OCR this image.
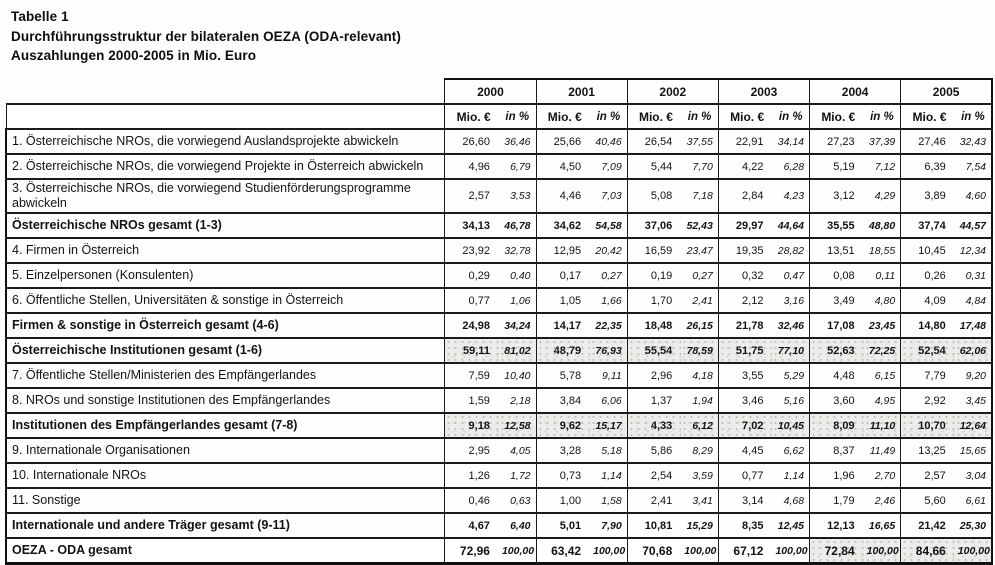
Tabelle 1
Durchführungsstruktur der bilateralen OEZA (ODA-relevant)
Auszahlungen 2000-2005 in Mio. Euro
	2000		2001		2002		2003		2004		2005	
	Mio. €	in %	Mio. €	in %	Mio. €	in %	Mio. €	in %	Mio. €	in %	Mio. €	in %
1. Österreichische NROs, die vorwiegend Auslandsprojekte abwickeln	26,60	36,46	25,66	40,46	26,54	37,55	22,91	34,14	27,23	37,39	27,46	32,43
2. Österreichische NROs, die vorwiegend Projekte in Österreich abwickeln	4,96	6,79	4,50	7,09	5,44	7,70	4,22	6,28	5,19	7,12	6,39	7,54
3. Österreichische NROs, die vorwiegend Studienförderungsprogramme abwickeln	2,57	3,53	4,46	7,03	5,08	7,18	2,84	4,23	3,12	4,29	3,89	4,60
Österreichische NROs gesamt (1-3)	34,13	46,78	34,62	54,58	37,06	52,43	29,97	44,64	35,55	48,80	37,74	44,57
4. Firmen in Österreich	23,92	32,78	12,95	20,42	16,59	23,47	19,35	28,82	13,51	18,55	10,45	12,34
5. Einzelpersonen (Konsulenten)	0,29	0,40	0,17	0,27	0,19	0,27	0,32	0,47	0,08	0,11	0,26	0,31
6. Öffentliche Stellen, Universitäten & sonstige in Österreich	0,77	1,06	1,05	1,66	1,70	2,41	2,12	3,16	3,49	4,80	4,09	4,84
Firmen & sonstige in Österreich gesamt (4-6)	24,98	34,24	14,17	22,35	18,48	26,15	21,78	32,46	17,08	23,45	14,80	17,48
Österreichische Institutionen gesamt (1-6)	59,11	81,02	48,79	76,93	55,54	78,59	51,75	77,10	52,63	72,25	52,54	62,06
7. Öffentliche Stellen/Ministerien des Empfängerlandes	7,59	10,40	5,78	9,11	2,96	4,18	3,55	5,29	4,48	6,15	7,79	9,20
8. NROs und sonstige Institutionen des Empfängerlandes	1,59	2,18	3,84	6,06	1,37	1,94	3,46	5,16	3,60	4,95	2,92	3,45
Institutionen des Empfängerlandes gesamt (7-8)	9,18	12,58	9,62	15,17	4,33	6,12	7,02	10,45	8,09	11,10	10,70	12,64
9. Internationale Organisationen	2,95	4,05	3,28	5,18	5,86	8,29	4,45	6,62	8,37	11,49	13,25	15,65
10. Internationale NROs	1,26	1,72	0,73	1,14	2,54	3,59	0,77	1,14	1,96	2,70	2,57	3,04
11. Sonstige	0,46	0,63	1,00	1,58	2,41	3,41	3,14	4,68	1,79	2,46	5,60	6,61
Internationale und andere Träger gesamt (9-11)	4,67	6,40	5,01	7,90	10,81	15,29	8,35	12,45	12,13	16,65	21,42	25,30
OEZA - ODA gesamt	72,96	100,00	63,42	100,00	70,68	100,00	67,12	100,00	72,84	100,00	84,66	100,00
